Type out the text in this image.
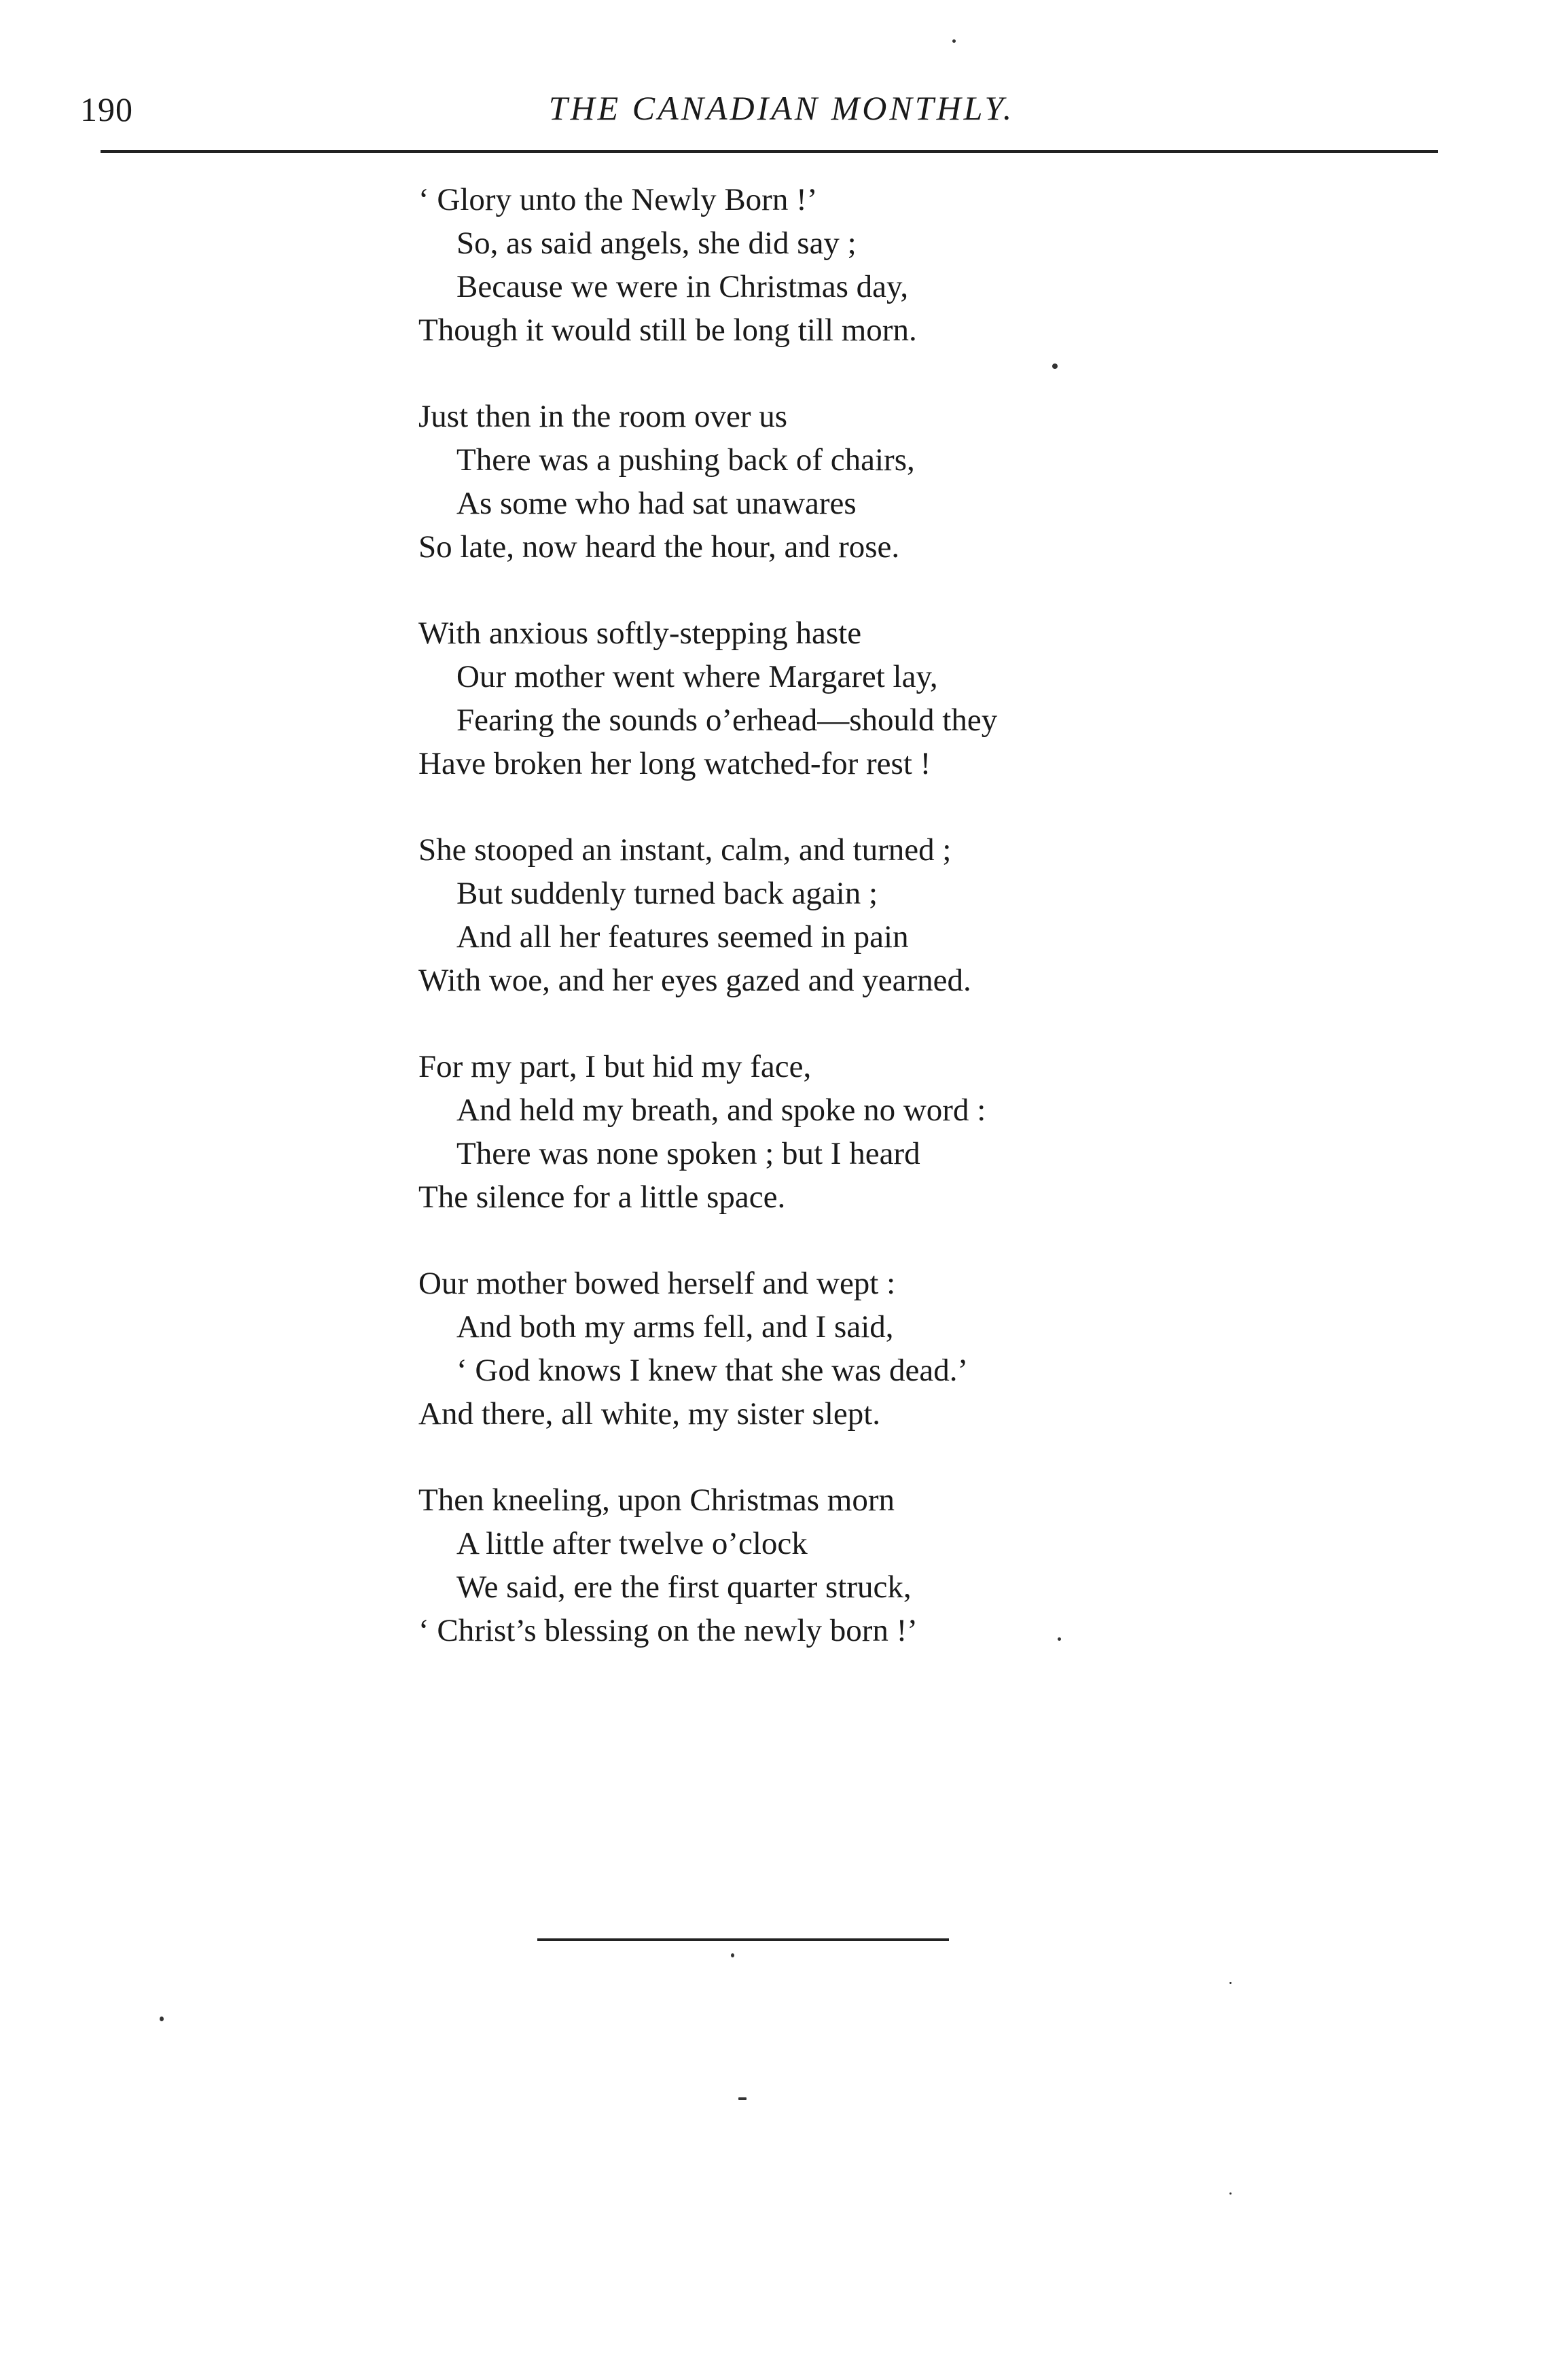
190	THE CANADIAN MONTHLY.
‘ Glory unto the Newly Born !’
So, as said angels, she did say ;
Because we were in Christmas day,
Though it would still be long till morn.
Just then in the room over us
There was a pushing back of chairs,
As some who had sat unawares
So late, now heard the hour, and rose.
With anxious softly-stepping haste
Our mother went where Margaret lay,
Fearing the sounds o’erhead—should they
Have broken her long watched-for rest !
She stooped an instant, calm, and turned ;
But suddenly turned back again ;
And all her features seemed in pain
With woe, and her eyes gazed and yearned.
For my part, I but hid my face,
And held my breath, and spoke no word :
There was none spoken ; but I heard
The silence for a little space.
Our mother bowed herself and wept :
And both my arms fell, and I said,
‘ God knows I knew that she was dead.’
And there, all white, my sister slept.
Then kneeling, upon Christmas morn
A little after twelve o’clock
We said, ere the first quarter struck,
‘ Christ’s blessing on the newly born !’
